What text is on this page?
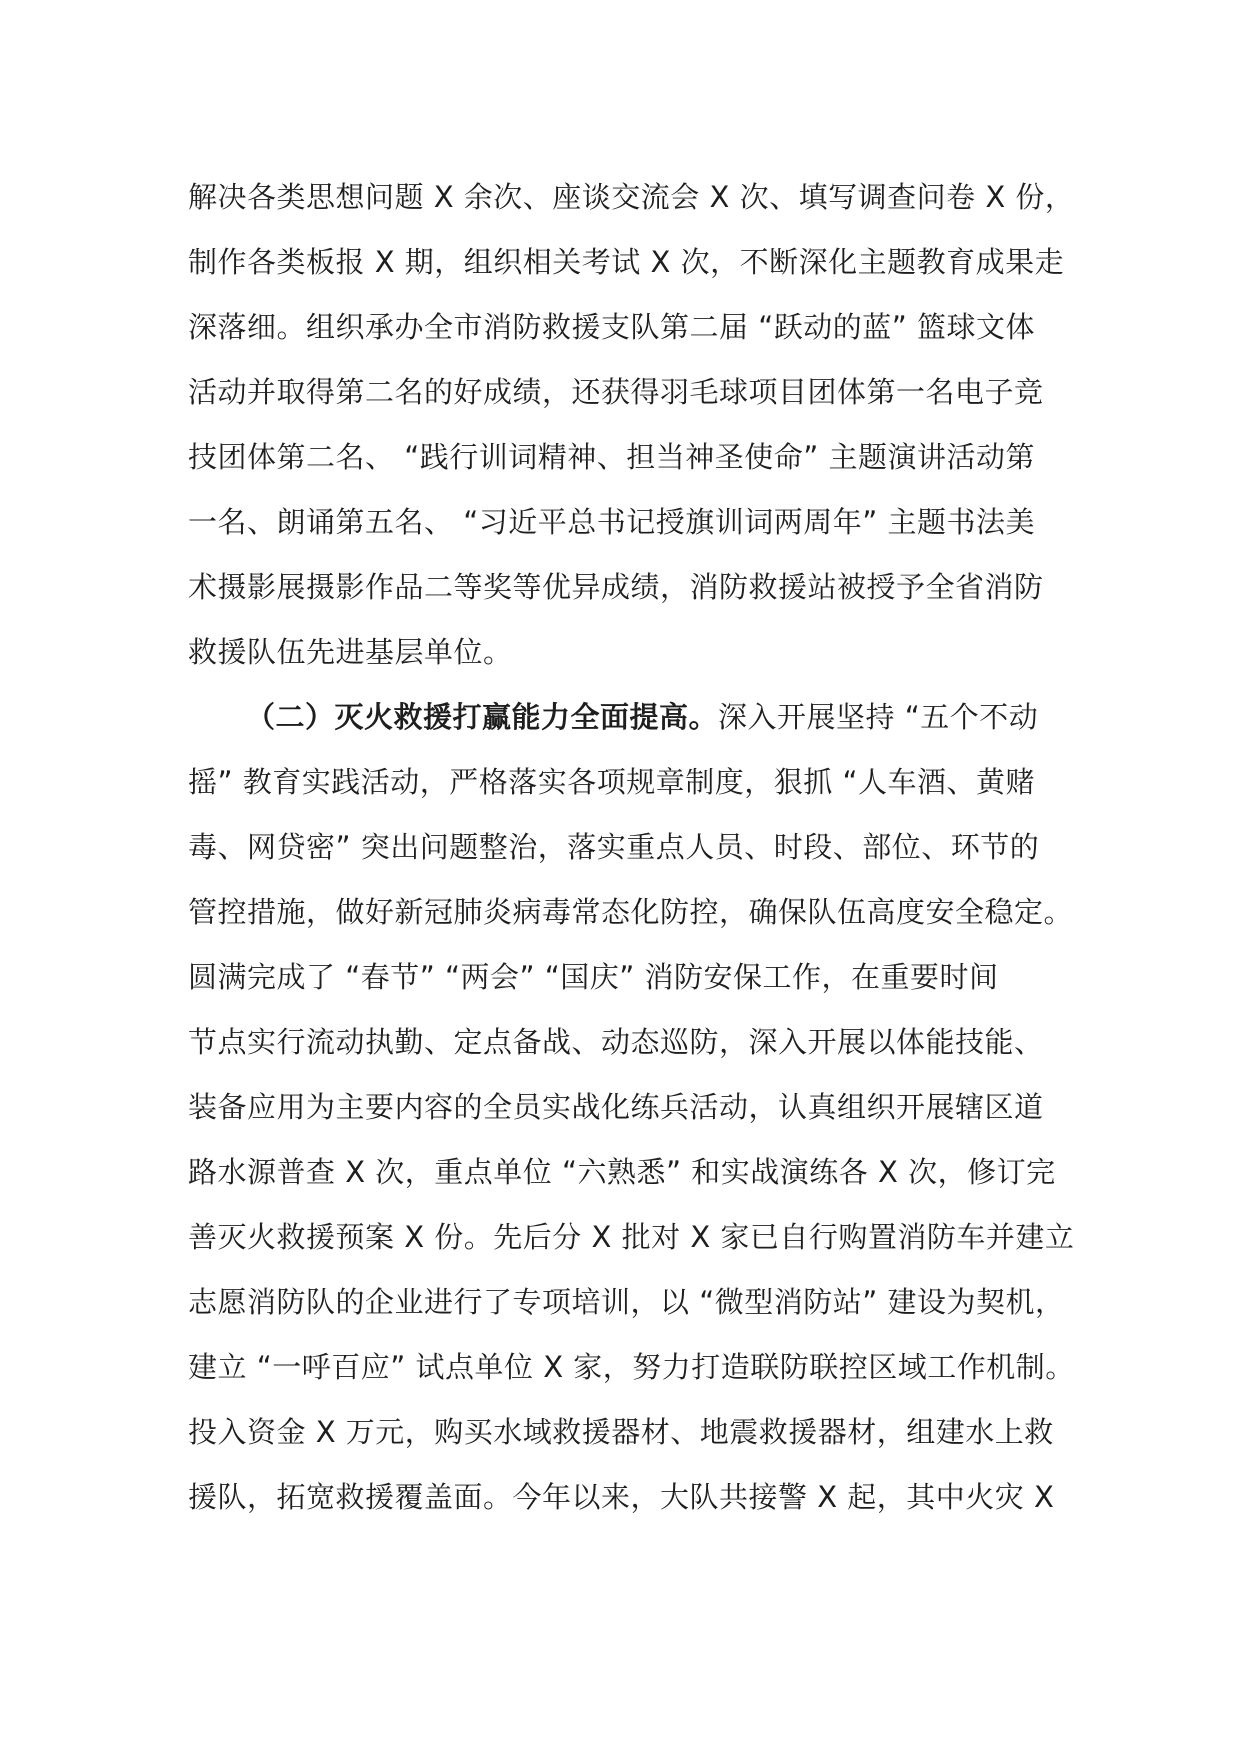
解决各类思想问题 X 余次、座谈交流会 X 次、填写调查问卷 X 份，
制作各类板报 X 期，组织相关考试 X 次，不断深化主题教育成果走
深落细。组织承办全市消防救援支队第二届 “跃动的蓝” 篮球文体
活动并取得第二名的好成绩，还获得羽毛球项目团体第一名电子竞
技团体第二名、 “践行训词精神、担当神圣使命” 主题演讲活动第
一名、朗诵第五名、 “习近平总书记授旗训词两周年” 主题书法美
术摄影展摄影作品二等奖等优异成绩，消防救援站被授予全省消防
救援队伍先进基层单位。
（二）灭火救援打赢能力全面提高。深入开展坚持 “五个不动
摇” 教育实践活动，严格落实各项规章制度，狠抓 “人车酒、黄赌
毒、网贷密” 突出问题整治，落实重点人员、时段、部位、环节的
管控措施，做好新冠肺炎病毒常态化防控，确保队伍高度安全稳定。
圆满完成了 “春节” “两会” “国庆” 消防安保工作，在重要时间
节点实行流动执勤、定点备战、动态巡防，深入开展以体能技能、
装备应用为主要内容的全员实战化练兵活动，认真组织开展辖区道
路水源普查 X 次，重点单位 “六熟悉” 和实战演练各 X 次，修订完
善灭火救援预案 X 份。先后分 X 批对 X 家已自行购置消防车并建立
志愿消防队的企业进行了专项培训，以 “微型消防站” 建设为契机，
建立 “一呼百应” 试点单位 X 家，努力打造联防联控区域工作机制。
投入资金 X 万元，购买水域救援器材、地震救援器材，组建水上救
援队，拓宽救援覆盖面。今年以来，大队共接警 X 起，其中火灾 X
